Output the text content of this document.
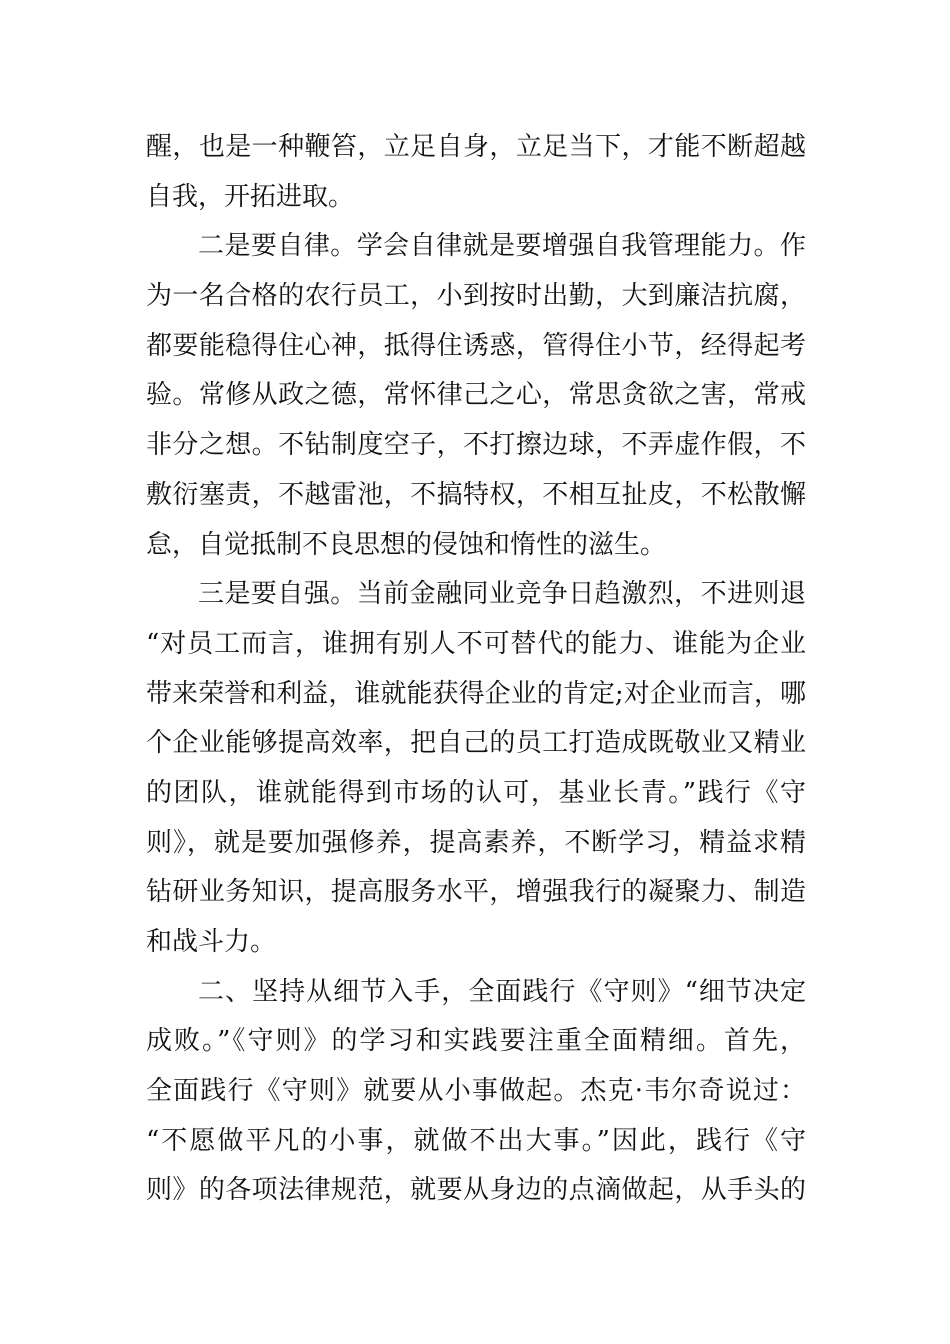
醒，也是一种鞭笞，立足自身，立足当下，才能不断超越
自我，开拓进取。
二是要自律。学会自律就是要增强自我管理能力。作
为一名合格的农行员工，小到按时出勤，大到廉洁抗腐，
都要能稳得住心神，抵得住诱惑，管得住小节，经得起考
验。常修从政之德，常怀律己之心，常思贪欲之害，常戒
非分之想。不钻制度空子，不打擦边球，不弄虚作假，不
敷衍塞责，不越雷池，不搞特权，不相互扯皮，不松散懈
怠，自觉抵制不良思想的侵蚀和惰性的滋生。
三是要自强。当前金融同业竞争日趋激烈，不进则退
“对员工而言，谁拥有别人不可替代的能力、谁能为企业
带来荣誉和利益，谁就能获得企业的肯定;对企业而言，哪
个企业能够提高效率，把自己的员工打造成既敬业又精业
的团队，谁就能得到市场的认可，基业长青。”践行《守
则》，就是要加强修养，提高素养，不断学习，精益求精
钻研业务知识，提高服务水平，增强我行的凝聚力、制造
和战斗力。
二、坚持从细节入手，全面践行《守则》“细节决定
成败。”《守则》的学习和实践要注重全面精细。首先，
全面践行《守则》就要从小事做起。杰克·韦尔奇说过：
“不愿做平凡的小事，就做不出大事。”因此，践行《守
则》的各项法律规范，就要从身边的点滴做起，从手头的
